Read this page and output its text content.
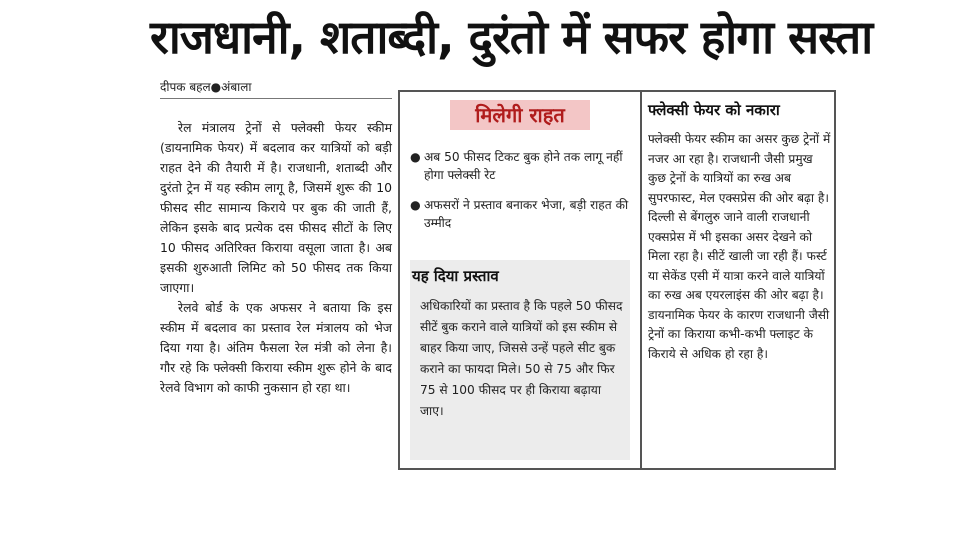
राजधानी, शताब्दी, दुरंतो में सफर होगा सस्ता
दीपक बहल●अंबाला

रेल मंत्रालय ट्रेनों से फ्लेक्सी फेयर स्कीम (डायनामिक फेयर) में बदलाव कर यात्रियों को बड़ी राहत देने की तैयारी में है। राजधानी, शताब्दी और दुरंतो ट्रेन में यह स्कीम लागू है, जिसमें शुरू की 10 फीसद सीट सामान्य किराये पर बुक की जाती हैं, लेकिन इसके बाद प्रत्येक दस फीसद सीटों के लिए 10 फीसद अतिरिक्त किराया वसूला जाता है। अब इसकी शुरुआती लिमिट को 50 फीसद तक किया जाएगा।

रेलवे बोर्ड के एक अफसर ने बताया कि इस स्कीम में बदलाव का प्रस्ताव रेल मंत्रालय को भेज दिया गया है। अंतिम फैसला रेल मंत्री को लेना है। गौर रहे कि फ्लेक्सी किराया स्कीम शुरू होने के बाद रेलवे विभाग को काफी नुकसान हो रहा था।

मिलेगी राहत
● अब 50 फीसद टिकट बुक होने तक लागू नहीं होगा फ्लेक्सी रेट
● अफसरों ने प्रस्ताव बनाकर भेजा, बड़ी राहत की उम्मीद
यह दिया प्रस्ताव
अधिकारियों का प्रस्ताव है कि पहले 50 फीसद सीटें बुक कराने वाले यात्रियों को इस स्कीम से बाहर किया जाए, जिससे उन्हें पहले सीट बुक कराने का फायदा मिले। 50 से 75 और फिर 75 से 100 फीसद पर ही किराया बढ़ाया जाए।
फ्लेक्सी फेयर को नकारा
फ्लेक्सी फेयर स्कीम का असर कुछ ट्रेनों में नजर आ रहा है। राजधानी जैसी प्रमुख कुछ ट्रेनों के यात्रियों का रुख अब सुपरफास्ट, मेल एक्सप्रेस की ओर बढ़ा है। दिल्ली से बेंगलुरु जाने वाली राजधानी एक्सप्रेस में भी इसका असर देखने को मिला रहा है। सीटें खाली जा रही हैं। फर्स्ट या सेकेंड एसी में यात्रा करने वाले यात्रियों का रुख अब एयरलाइंस की ओर बढ़ा है। डायनामिक फेयर के कारण राजधानी जैसी ट्रेनों का किराया कभी-कभी फ्लाइट के किराये से अधिक हो रहा है।
